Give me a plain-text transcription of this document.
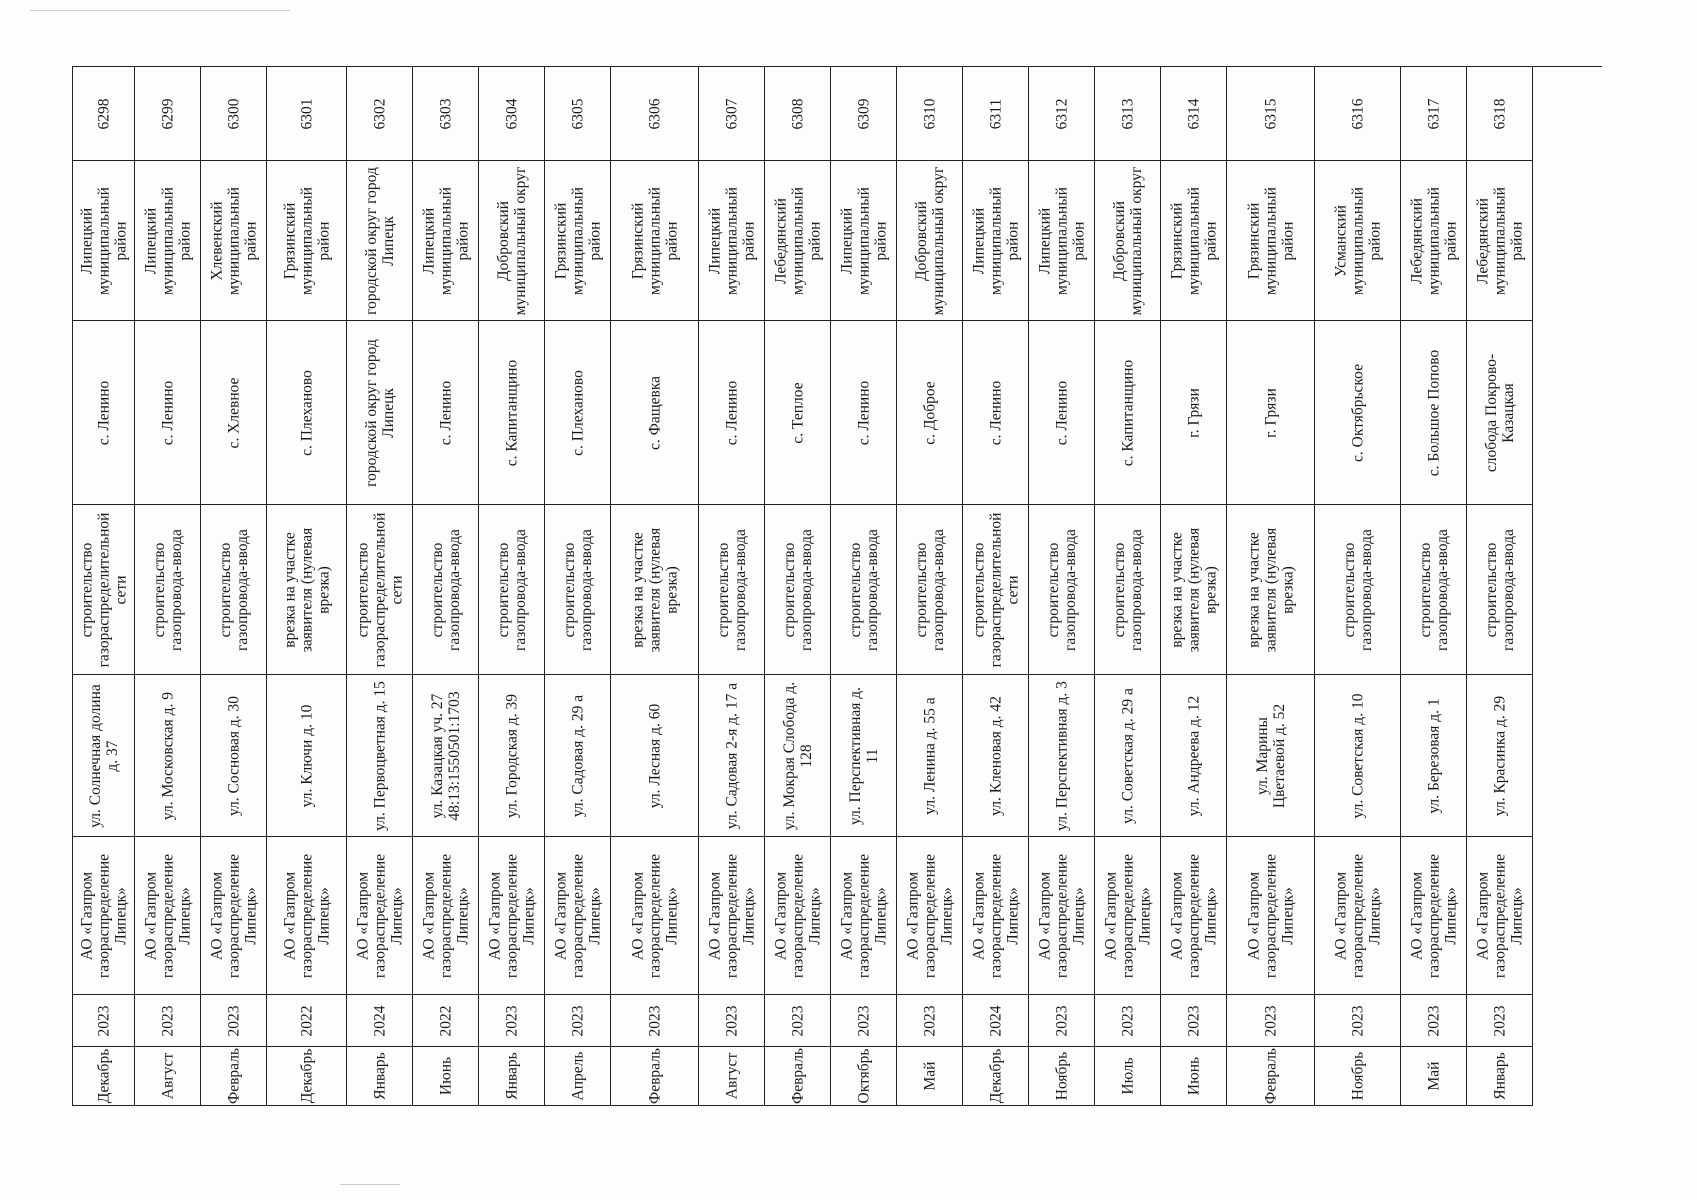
6298
Липецкий муниципальный район
с. Ленино
строительство газораспределительной сети
ул. Солнечная долина д. 37
АО «Газпром газораспределение Липецк»
2023
Декабрь
6299
Липецкий муниципальный район
с. Ленино
строительство газопровода-ввода
ул. Московская д. 9
АО «Газпром газораспределение Липецк»
2023
Август
6300
Хлевенский муниципальный район
с. Хлевное
строительство газопровода-ввода
ул. Сосновая д. 30
АО «Газпром газораспределение Липецк»
2023
Февраль
6301
Грязинский муниципальный район
с. Плеханово
врезка на участке заявителя (нулевая врезка)
ул. Ключи д. 10
АО «Газпром газораспределение Липецк»
2022
Декабрь
6302
городской округ город Липецк
городской округ город Липецк
строительство газораспределительной сети
ул. Первоцветная д. 15
АО «Газпром газораспределение Липецк»
2024
Январь
6303
Липецкий муниципальный район
с. Ленино
строительство газопровода-ввода
ул. Казацкая уч. 27 48:13:1550501:1703
АО «Газпром газораспределение Липецк»
2022
Июнь
6304
Добровский муниципальный округ
с. Капитанщино
строительство газопровода-ввода
ул. Городская д. 39
АО «Газпром газораспределение Липецк»
2023
Январь
6305
Грязинский муниципальный район
с. Плеханово
строительство газопровода-ввода
ул. Садовая д. 29 а
АО «Газпром газораспределение Липецк»
2023
Апрель
6306
Грязинский муниципальный район
с. Фащевка
врезка на участке заявителя (нулевая врезка)
ул. Лесная д. 60
АО «Газпром газораспределение Липецк»
2023
Февраль
6307
Липецкий муниципальный район
с. Ленино
строительство газопровода-ввода
ул. Садовая 2-я д. 17 а
АО «Газпром газораспределение Липецк»
2023
Август
6308
Лебедянский муниципальный район
с. Теплое
строительство газопровода-ввода
ул. Мокрая Слобода д. 128
АО «Газпром газораспределение Липецк»
2023
Февраль
6309
Липецкий муниципальный район
с. Ленино
строительство газопровода-ввода
ул. Перспективная д. 11
АО «Газпром газораспределение Липецк»
2023
Октябрь
6310
Добровский муниципальный округ
с. Доброе
строительство газопровода-ввода
ул. Ленина д. 55 а
АО «Газпром газораспределение Липецк»
2023
Май
6311
Липецкий муниципальный район
с. Ленино
строительство газораспределительной сети
ул. Кленовая д. 42
АО «Газпром газораспределение Липецк»
2024
Декабрь
6312
Липецкий муниципальный район
с. Ленино
строительство газопровода-ввода
ул. Перспективная д. 3
АО «Газпром газораспределение Липецк»
2023
Ноябрь
6313
Добровский муниципальный округ
с. Капитанщино
строительство газопровода-ввода
ул. Советская д. 29 а
АО «Газпром газораспределение Липецк»
2023
Июль
6314
Грязинский муниципальный район
г. Грязи
врезка на участке заявителя (нулевая врезка)
ул. Андреева д. 12
АО «Газпром газораспределение Липецк»
2023
Июнь
6315
Грязинский муниципальный район
г. Грязи
врезка на участке заявителя (нулевая врезка)
ул. Марины Цветаевой д. 52
АО «Газпром газораспределение Липецк»
2023
Февраль
6316
Усманский муниципальный район
с. Октябрьское
строительство газопровода-ввода
ул. Советская д. 10
АО «Газпром газораспределение Липецк»
2023
Ноябрь
6317
Лебедянский муниципальный район
с. Большое Попово
строительство газопровода-ввода
ул. Березовая д. 1
АО «Газпром газораспределение Липецк»
2023
Май
6318
Лебедянский муниципальный район
слобода Покрово-Казацкая
строительство газопровода-ввода
ул. Красинка д. 29
АО «Газпром газораспределение Липецк»
2023
Январь
